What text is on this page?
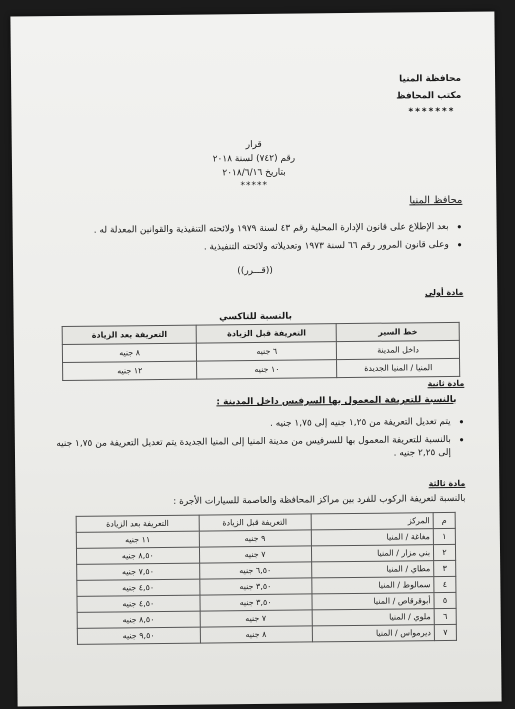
محافظة المنيا
مكتب المحافظ
*******
قرار
رقم (٧٤٢) لسنة ٢٠١٨
بتاريخ ٢٠١٨/٦/١٦
*****
محافظ المنيا
• بعد الإطلاع على قانون الإدارة المحلية رقم ٤٣ لسنة ١٩٧٩ ولائحته التنفيذية والقوانين المعدلة له .
• وعلى قانون المرور رقم ٦٦ لسنة ١٩٧٣ وتعديلاته ولائحته التنفيذية .
((قـــرر))
مادة أولى
بالنسبة للتاكسي
خط السير	التعريفة قبل الزيادة	التعريفة بعد الزيادة
داخل المدينة	٦ جنيه	٨ جنيه
المنيا / المنيا الجديدة	١٠ جنيه	١٢ جنيه
مادة ثانية
بالنسبة للتعريفة المعمول بها السرفيس داخل المدينة :
• يتم تعديل التعريفة من ١,٢٥ جنيه إلى ١,٧٥ جنيه .
• بالنسبة للتعريفة المعمول بها للسرفيس من مدينة المنيا إلى المنيا الجديدة يتم تعديل التعريفة من ١,٧٥ جنيه إلى ٢,٢٥ جنيه .
مادة ثالثة
بالنسبة لتعريفة الركوب للفرد بين مراكز المحافظة والعاصمة للسيارات الأجرة :
م	المركز	التعريفة قبل الزيادة	التعريفة بعد الزيادة
١	مغاغة / المنيا	٩ جنيه	١١ جنيه
٢	بني مزار / المنيا	٧ جنيه	٨,٥٠ جنيه
٣	مطاي / المنيا	٦,٥٠ جنيه	٧,٥٠ جنيه
٤	سمالوط / المنيا	٣,٥٠ جنيه	٤,٥٠ جنيه
٥	أبوقرقاص / المنيا	٣,٥٠ جنيه	٤,٥٠ جنيه
٦	ملوي / المنيا	٧ جنيه	٨,٥٠ جنيه
٧	ديرمواس / المنيا	٨ جنيه	٩,٥٠ جنيه
